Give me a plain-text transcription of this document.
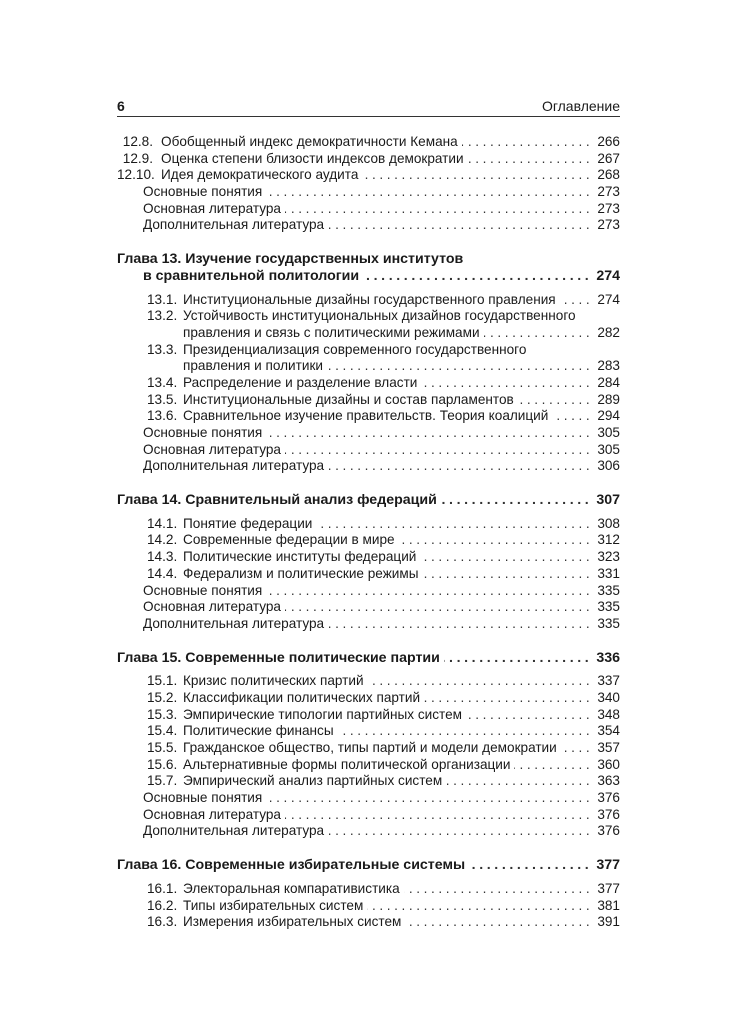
6	Оглавление
12.8. Обобщенный индекс демократичности Кемана .....	266
12.9. Оценка степени близости индексов демократии .....	267
12.10. Идея демократического аудита .....	268
Основные понятия .....	273
Основная литература .....	273
Дополнительная литература .....	273
Глава 13. Изучение государственных институтов
в сравнительной политологии .....	274
13.1. Институциональные дизайны государственного правления .....	274
13.2. Устойчивость институциональных дизайнов государственного
правления и связь с политическими режимами .....	282
13.3. Президенциализация современного государственного
правления и политики .....	283
13.4. Распределение и разделение власти .....	284
13.5. Институциональные дизайны и состав парламентов .....	289
13.6. Сравнительное изучение правительств. Теория коалиций .....	294
Основные понятия .....	305
Основная литература .....	305
Дополнительная литература .....	306
Глава 14. Сравнительный анализ федераций .....	307
14.1. Понятие федерации .....	308
14.2. Современные федерации в мире .....	312
14.3. Политические институты федераций .....	323
14.4. Федерализм и политические режимы .....	331
Основные понятия .....	335
Основная литература .....	335
Дополнительная литература .....	335
Глава 15. Современные политические партии .....	336
15.1. Кризис политических партий .....	337
15.2. Классификации политических партий .....	340
15.3. Эмпирические типологии партийных систем .....	348
15.4. Политические финансы .....	354
15.5. Гражданское общество, типы партий и модели демократии .....	357
15.6. Альтернативные формы политической организации .....	360
15.7. Эмпирический анализ партийных систем .....	363
Основные понятия .....	376
Основная литература .....	376
Дополнительная литература .....	376
Глава 16. Современные избирательные системы .....	377
16.1. Электоральная компаративистика .....	377
16.2. Типы избирательных систем .....	381
16.3. Измерения избирательных систем .....	391
